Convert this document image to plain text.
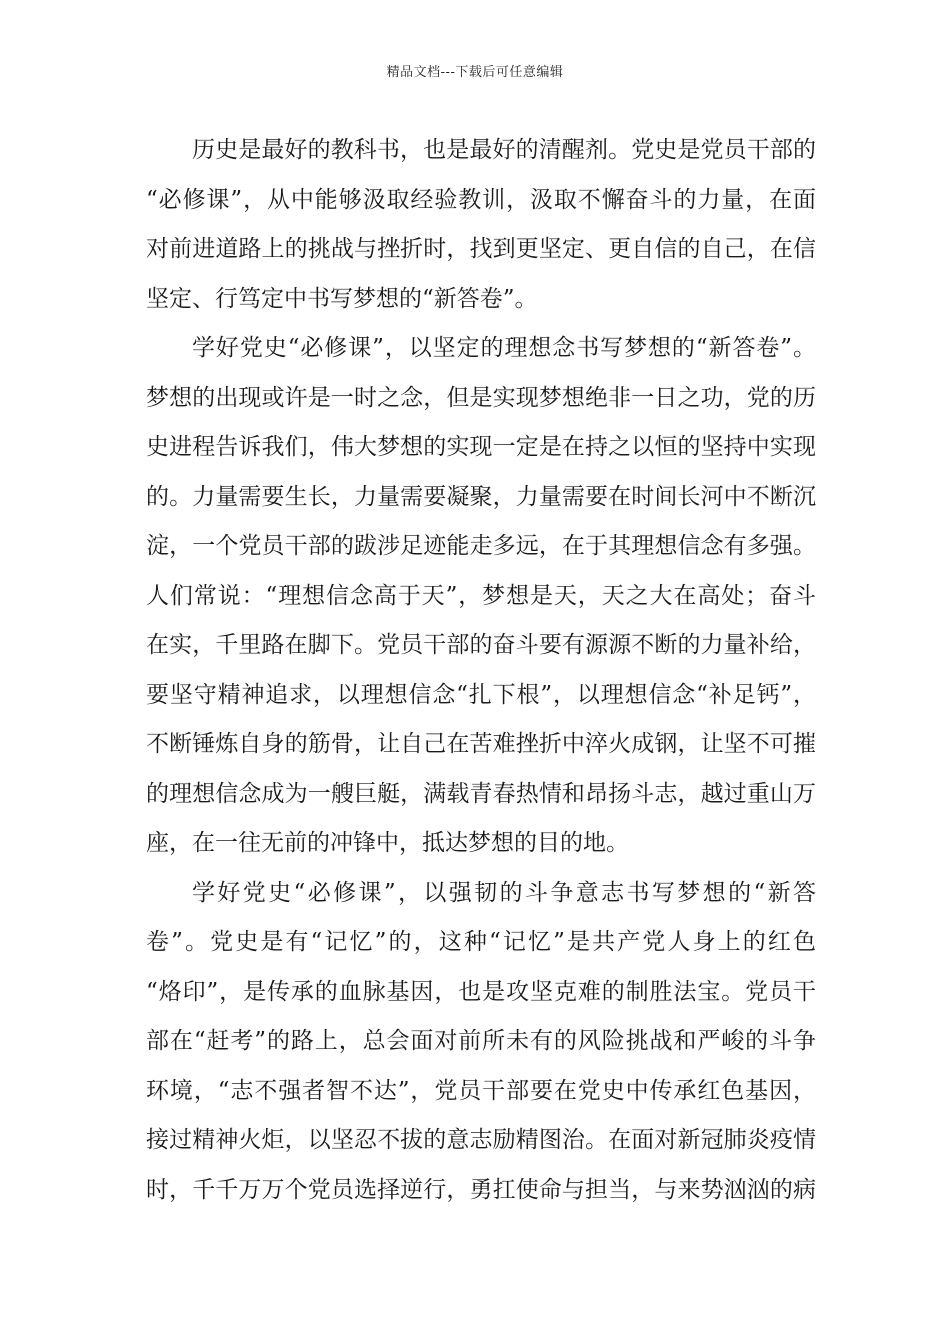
精品文档---下载后可任意编辑
历史是最好的教科书，也是最好的清醒剂。党史是党员干部的
“必修课”，从中能够汲取经验教训，汲取不懈奋斗的力量，在面
对前进道路上的挑战与挫折时，找到更坚定、更自信的自己，在信
坚定、行笃定中书写梦想的“新答卷”。
学好党史“必修课”，以坚定的理想念书写梦想的“新答卷”。
梦想的出现或许是一时之念，但是实现梦想绝非一日之功，党的历
史进程告诉我们，伟大梦想的实现一定是在持之以恒的坚持中实现
的。力量需要生长，力量需要凝聚，力量需要在时间长河中不断沉
淀，一个党员干部的跋涉足迹能走多远，在于其理想信念有多强。
人们常说：“理想信念高于天”，梦想是天，天之大在高处；奋斗
在实，千里路在脚下。党员干部的奋斗要有源源不断的力量补给，
要坚守精神追求，以理想信念“扎下根”，以理想信念“补足钙”，
不断锤炼自身的筋骨，让自己在苦难挫折中淬火成钢，让坚不可摧
的理想信念成为一艘巨艇，满载青春热情和昂扬斗志，越过重山万
座，在一往无前的冲锋中，抵达梦想的目的地。
学好党史“必修课”，以强韧的斗争意志书写梦想的“新答
卷”。党史是有“记忆”的，这种“记忆”是共产党人身上的红色
“烙印”，是传承的血脉基因，也是攻坚克难的制胜法宝。党员干
部在“赶考”的路上，总会面对前所未有的风险挑战和严峻的斗争
环境，“志不强者智不达”，党员干部要在党史中传承红色基因，
接过精神火炬，以坚忍不拔的意志励精图治。在面对新冠肺炎疫情
时，千千万万个党员选择逆行，勇扛使命与担当，与来势汹汹的病
